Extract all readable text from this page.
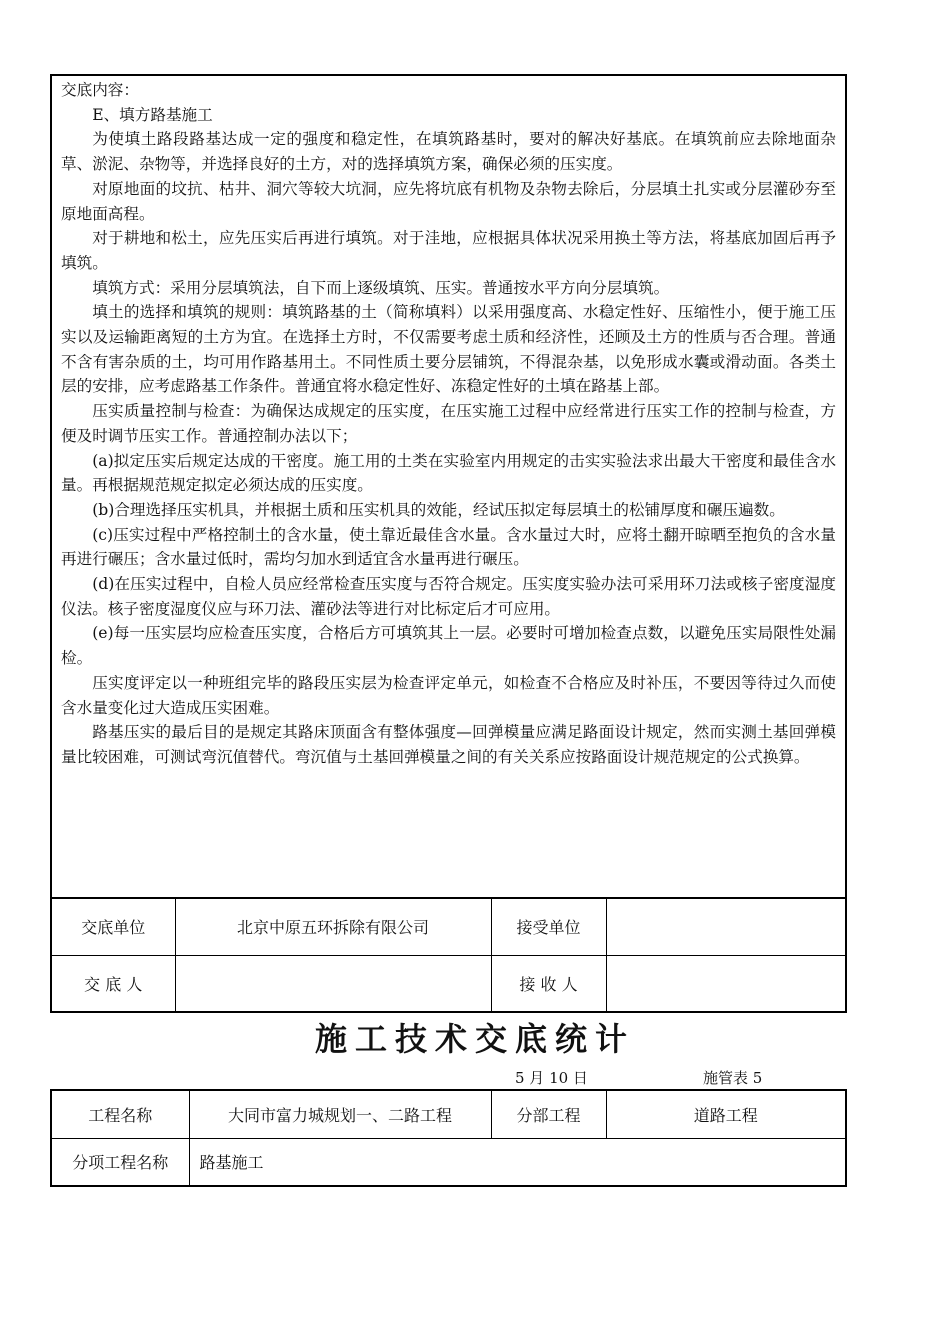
交底内容：

E、填方路基施工

为使填土路段路基达成一定的强度和稳定性，在填筑路基时，要对的解决好基底。在填筑前应去除地面杂草、淤泥、杂物等，并选择良好的土方，对的选择填筑方案，确保必须的压实度。

对原地面的坟抗、枯井、洞穴等较大坑洞，应先将坑底有机物及杂物去除后，分层填土扎实或分层灌砂夯至原地面高程。

对于耕地和松土，应先压实后再进行填筑。对于洼地，应根据具体状况采用换土等方法，将基底加固后再予填筑。

填筑方式：采用分层填筑法，自下而上逐级填筑、压实。普通按水平方向分层填筑。

填土的选择和填筑的规则：填筑路基的土（简称填料）以采用强度高、水稳定性好、压缩性小，便于施工压实以及运输距离短的土方为宜。在选择土方时，不仅需要考虑土质和经济性，还顾及土方的性质与否合理。普通不含有害杂质的土，均可用作路基用土。不同性质土要分层铺筑，不得混杂基，以免形成水囊或滑动面。各类土层的安排，应考虑路基工作条件。普通宜将水稳定性好、冻稳定性好的土填在路基上部。

压实质量控制与检查：为确保达成规定的压实度，在压实施工过程中应经常进行压实工作的控制与检查，方便及时调节压实工作。普通控制办法以下；

(a)拟定压实后规定达成的干密度。施工用的土类在实验室内用规定的击实实验法求出最大干密度和最佳含水量。再根据规范规定拟定必须达成的压实度。

(b)合理选择压实机具，并根据土质和压实机具的效能，经试压拟定每层填土的松铺厚度和碾压遍数。

(c)压实过程中严格控制土的含水量，使土靠近最佳含水量。含水量过大时，应将土翻开晾晒至抱负的含水量再进行碾压；含水量过低时，需均匀加水到适宜含水量再进行碾压。

(d)在压实过程中，自检人员应经常检查压实度与否符合规定。压实度实验办法可采用环刀法或核子密度湿度仪法。核子密度湿度仪应与环刀法、灌砂法等进行对比标定后才可应用。

(e)每一压实层均应检查压实度，合格后方可填筑其上一层。必要时可增加检查点数，以避免压实局限性处漏检。

压实度评定以一种班组完毕的路段压实层为检查评定单元，如检查不合格应及时补压，不要因等待过久而使含水量变化过大造成压实困难。

路基压实的最后目的是规定其路床顶面含有整体强度—回弹模量应满足路面设计规定，然而实测土基回弹模量比较困难，可测试弯沉值替代。弯沉值与土基回弹模量之间的有关关系应按路面设计规范规定的公式换算。

交底单位	北京中原五环拆除有限公司	接受单位	
交 底 人		接 收 人	
施工技术交底统计
5 月 10 日	施管表 5
工程名称	大同市富力城规划一、二路工程	分部工程	道路工程
分项工程名称	路基施工		
